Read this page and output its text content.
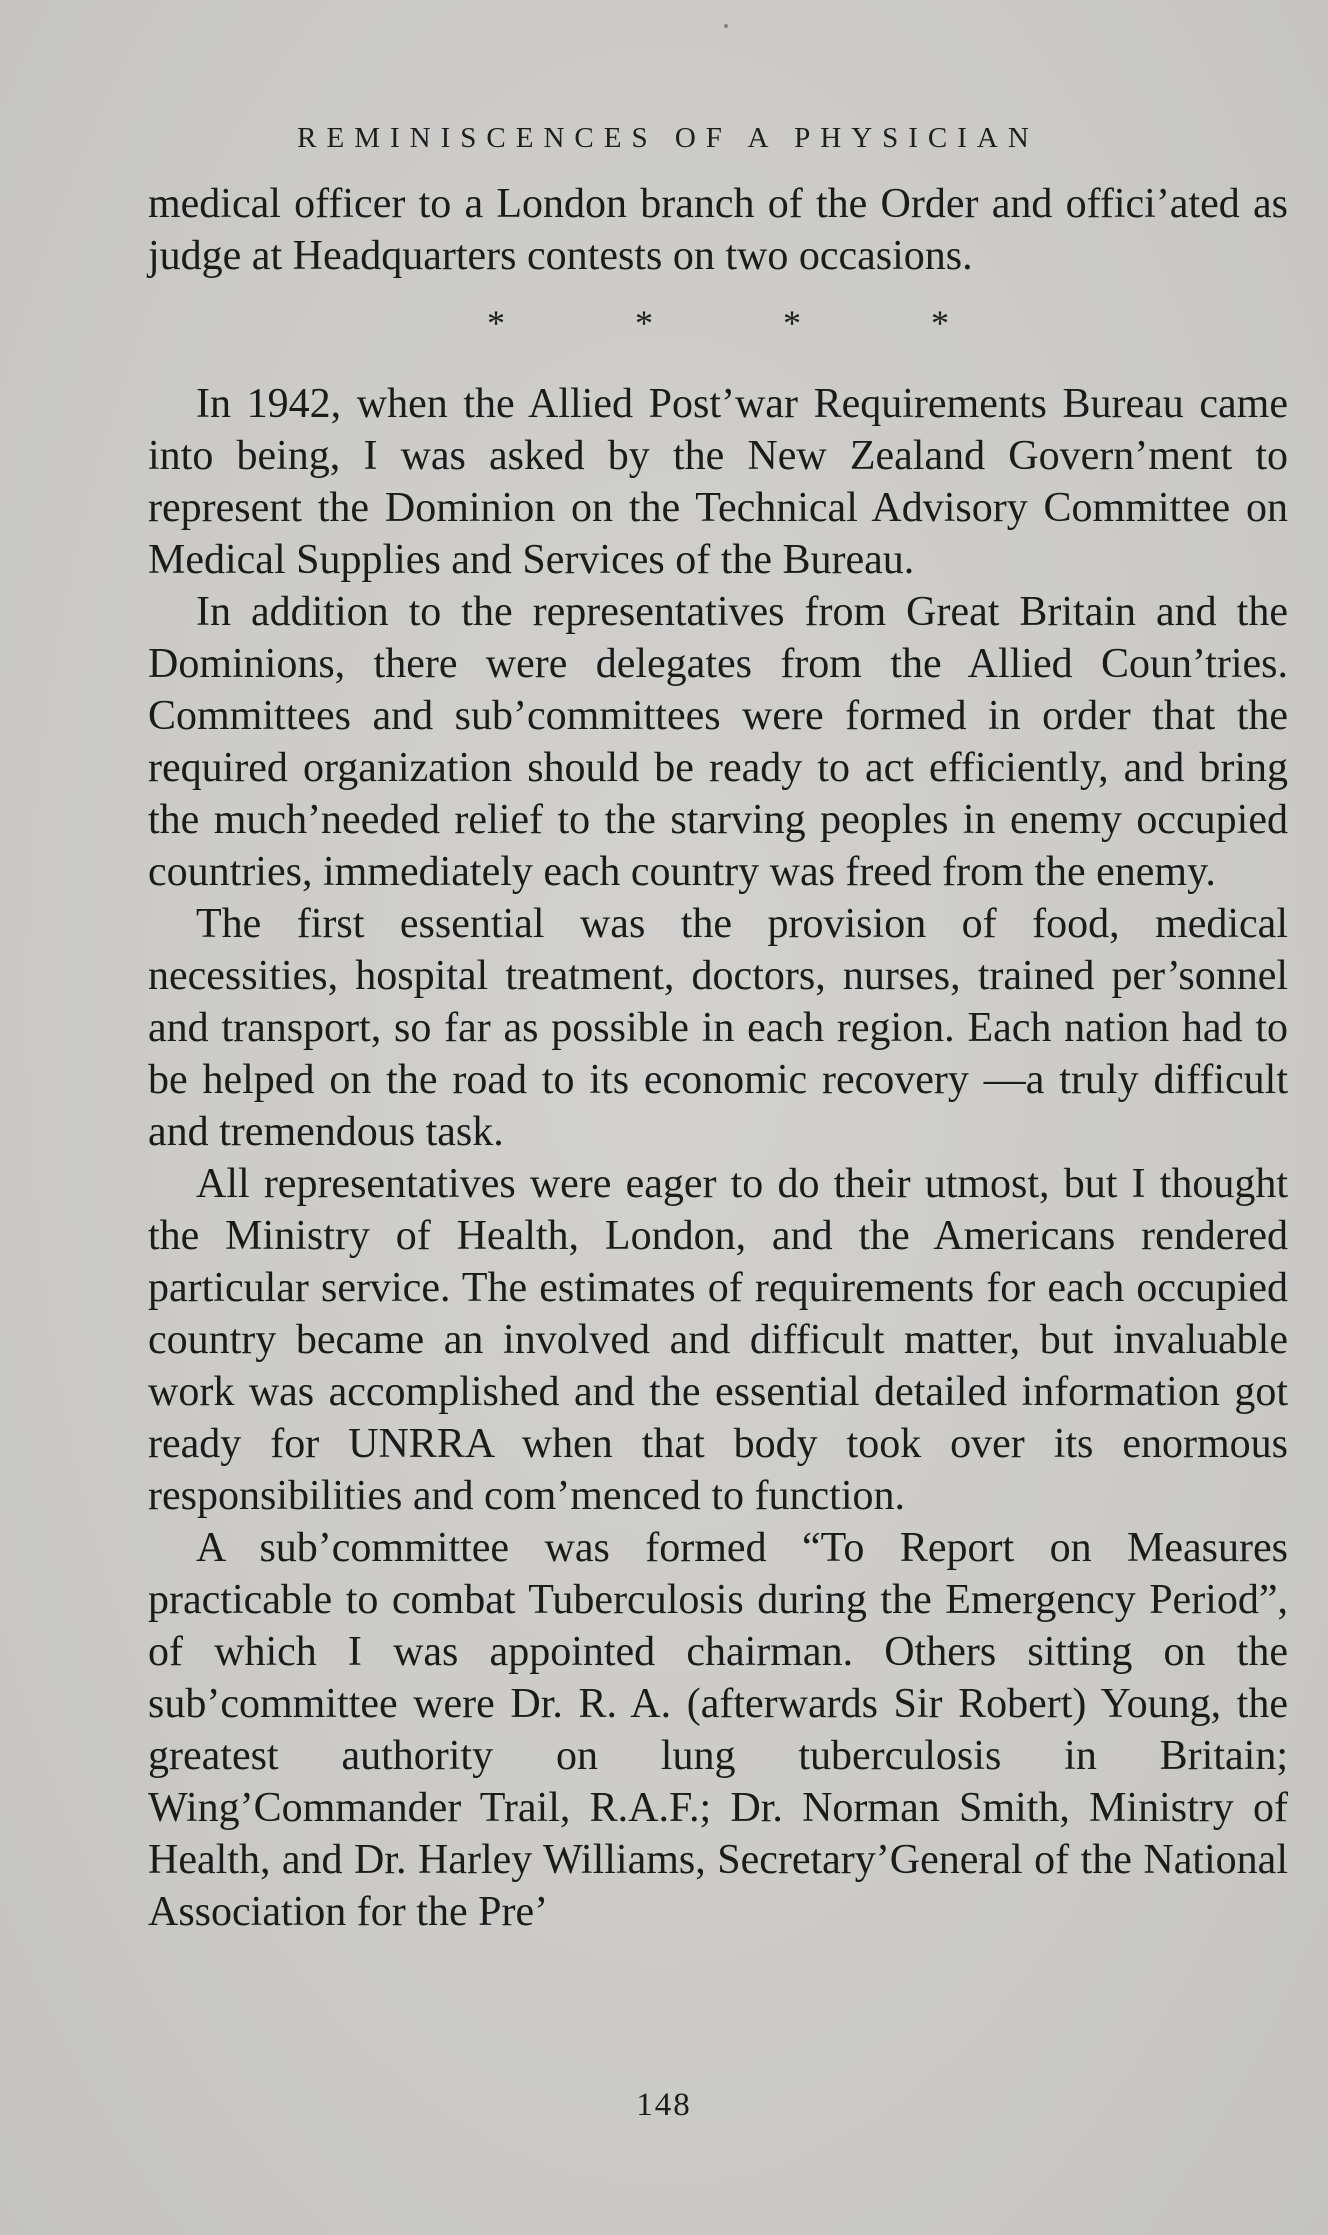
REMINISCENCES OF A PHYSICIAN

medical officer to a London branch of the Order and offici’ated as judge at Headquarters contests on two occasions.

*	*	*	*

In 1942, when the Allied Post’war Requirements Bureau came into being, I was asked by the New Zealand Govern’ment to represent the Dominion on the Technical Advisory Committee on Medical Supplies and Services of the Bureau.

In addition to the representatives from Great Britain and the Dominions, there were delegates from the Allied Coun’tries. Committees and sub’committees were formed in order that the required organization should be ready to act efficiently, and bring the much’needed relief to the starving peoples in enemy occupied countries, immediately each country was freed from the enemy.

The first essential was the provision of food, medical necessities, hospital treatment, doctors, nurses, trained per’sonnel and transport, so far as possible in each region. Each nation had to be helped on the road to its economic recovery —a truly difficult and tremendous task.

All representatives were eager to do their utmost, but I thought the Ministry of Health, London, and the Americans rendered particular service. The estimates of requirements for each occupied country became an involved and difficult matter, but invaluable work was accomplished and the essential detailed information got ready for UNRRA when that body took over its enormous responsibilities and com’menced to function.

A sub’committee was formed “To Report on Measures practicable to combat Tuberculosis during the Emergency Period”, of which I was appointed chairman. Others sitting on the sub’committee were Dr. R. A. (afterwards Sir Robert) Young, the greatest authority on lung tuberculosis in Britain; Wing’Commander Trail, R.A.F.; Dr. Norman Smith, Ministry of Health, and Dr. Harley Williams, Secretary’General of the National Association for the Pre’

148
